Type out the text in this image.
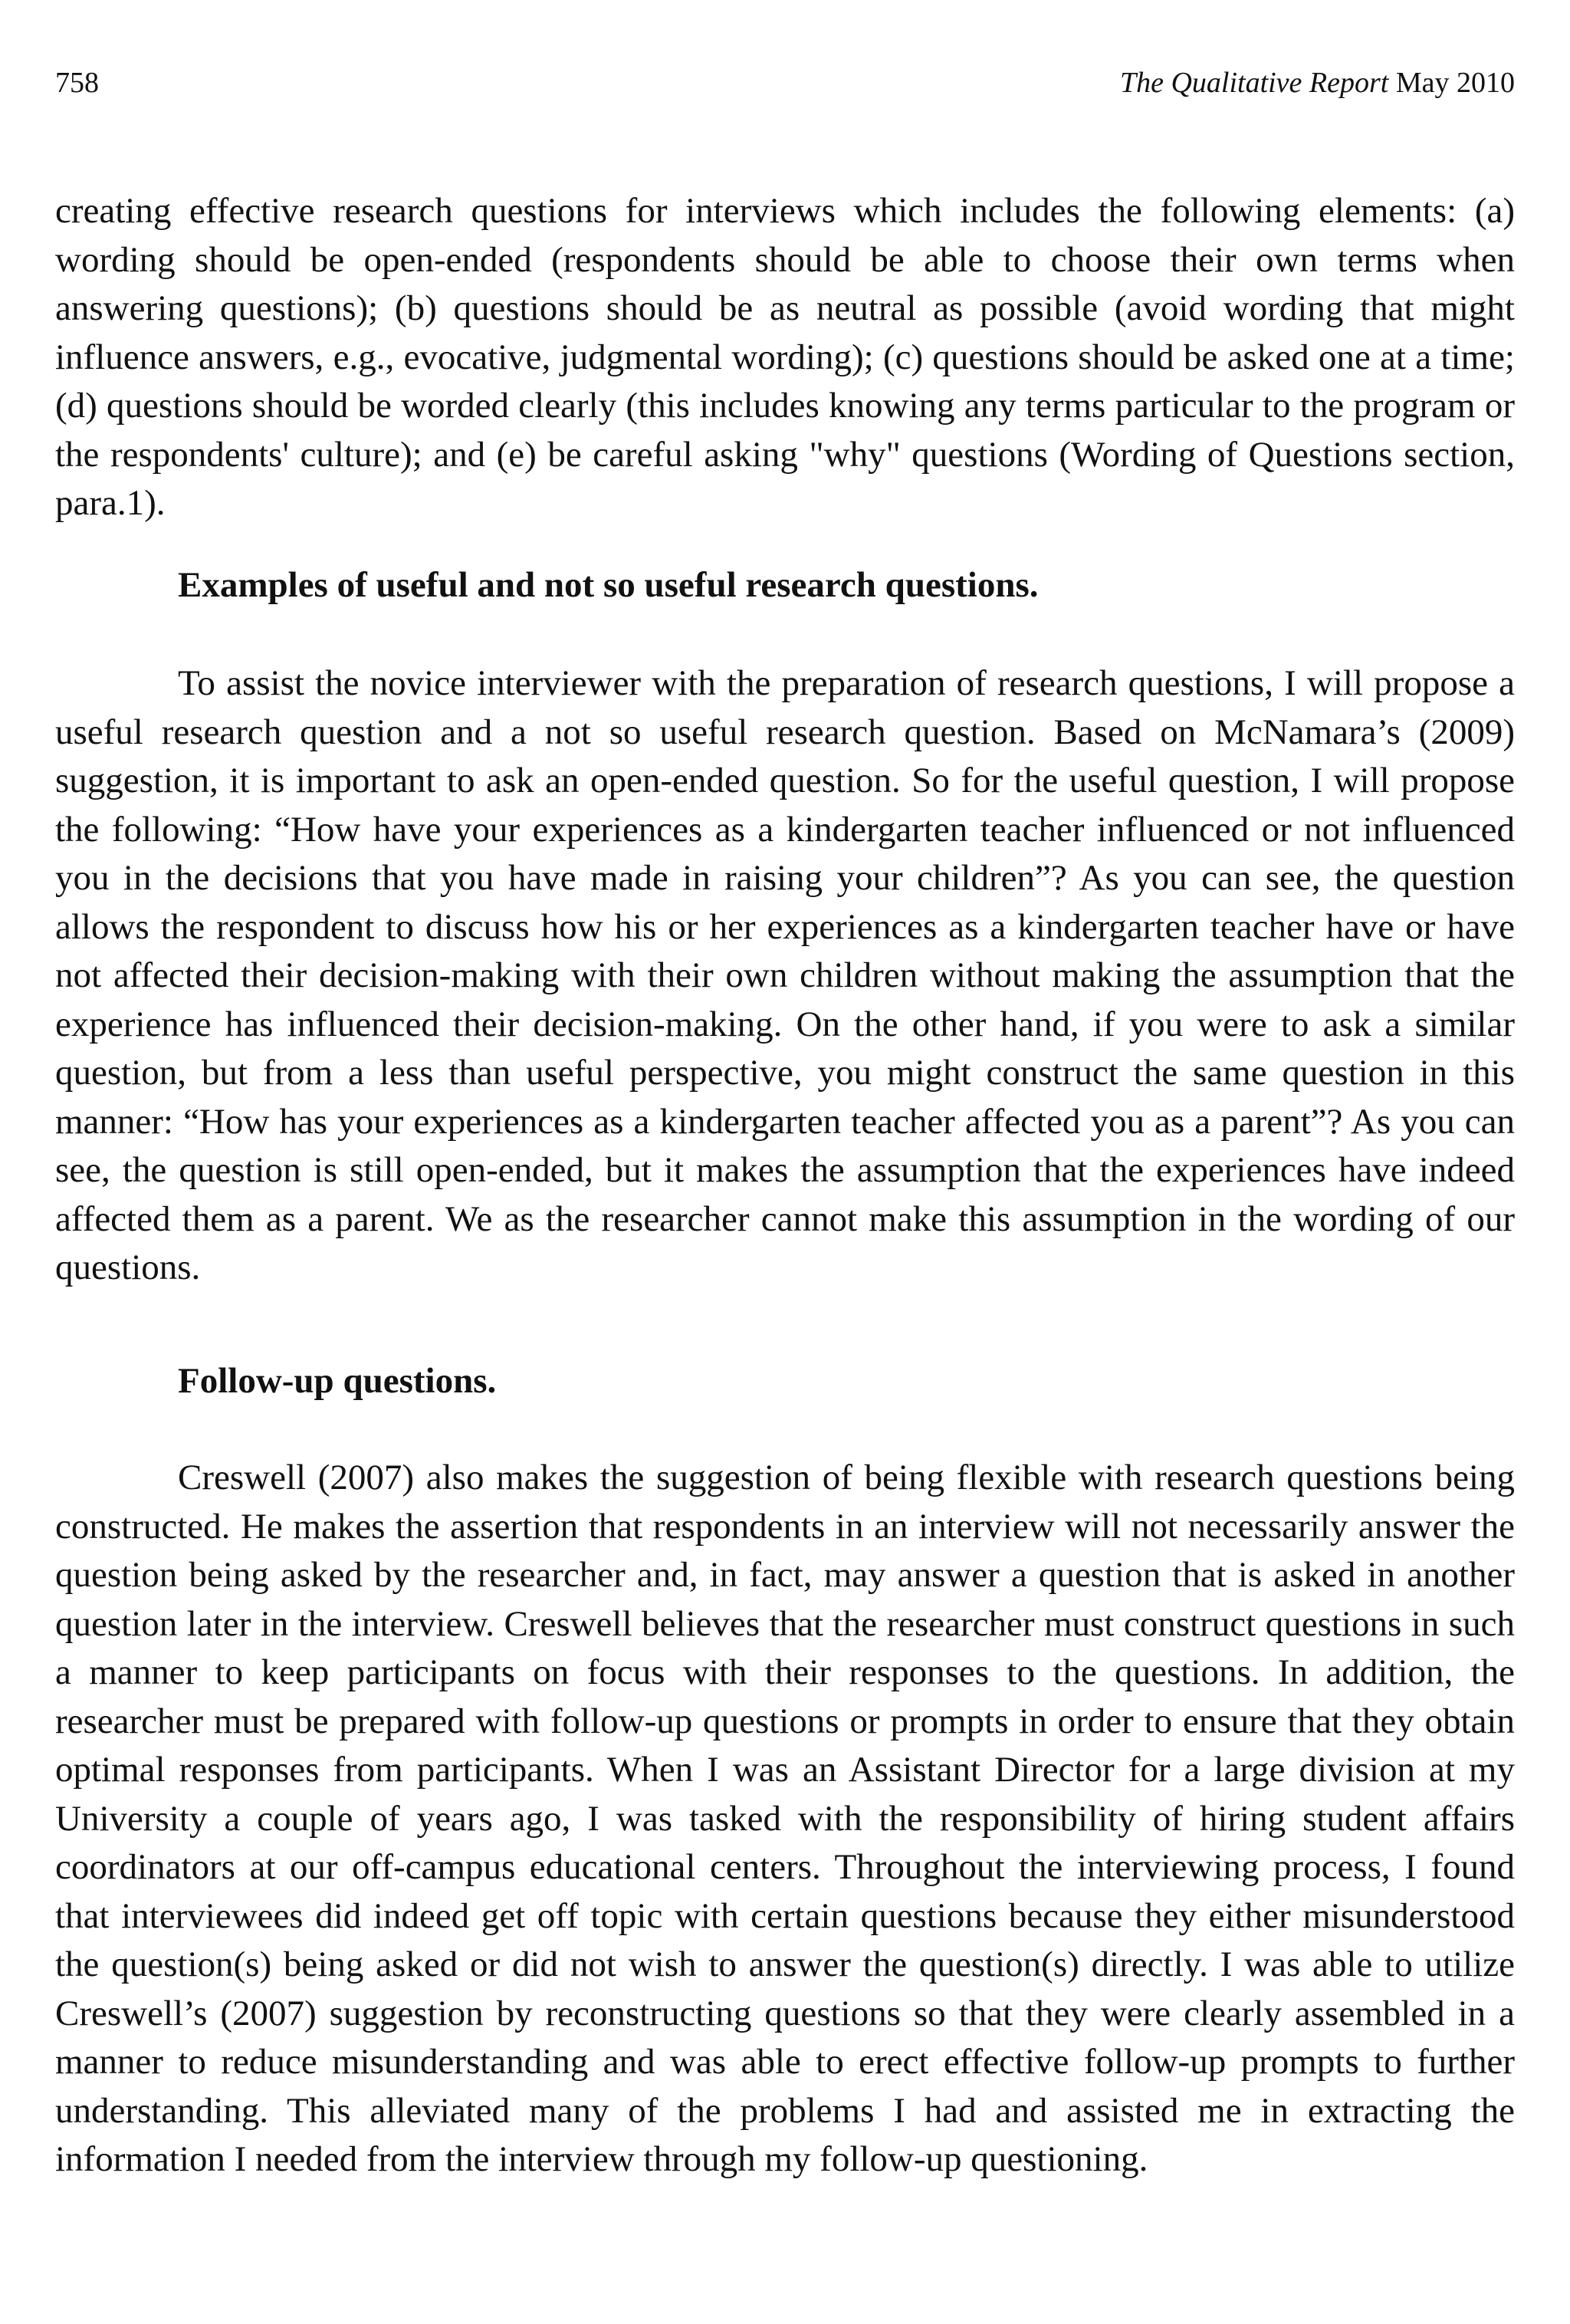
758	The Qualitative Report May 2010

creating effective research questions for interviews which includes the following elements: (a) wording should be open-ended (respondents should be able to choose their own terms when answering questions); (b) questions should be as neutral as possible (avoid wording that might influence answers, e.g., evocative, judgmental wording); (c) questions should be asked one at a time; (d) questions should be worded clearly (this includes knowing any terms particular to the program or the respondents' culture); and (e) be careful asking "why" questions (Wording of Questions section, para.1).

Examples of useful and not so useful research questions.

To assist the novice interviewer with the preparation of research questions, I will propose a useful research question and a not so useful research question. Based on McNamara’s (2009) suggestion, it is important to ask an open-ended question. So for the useful question, I will propose the following: “How have your experiences as a kindergarten teacher influenced or not influenced you in the decisions that you have made in raising your children”? As you can see, the question allows the respondent to discuss how his or her experiences as a kindergarten teacher have or have not affected their decision-making with their own children without making the assumption that the experience has influenced their decision-making. On the other hand, if you were to ask a similar question, but from a less than useful perspective, you might construct the same question in this manner: “How has your experiences as a kindergarten teacher affected you as a parent”? As you can see, the question is still open-ended, but it makes the assumption that the experiences have indeed affected them as a parent. We as the researcher cannot make this assumption in the wording of our questions.

Follow-up questions.

Creswell (2007) also makes the suggestion of being flexible with research questions being constructed. He makes the assertion that respondents in an interview will not necessarily answer the question being asked by the researcher and, in fact, may answer a question that is asked in another question later in the interview. Creswell believes that the researcher must construct questions in such a manner to keep participants on focus with their responses to the questions. In addition, the researcher must be prepared with follow-up questions or prompts in order to ensure that they obtain optimal responses from participants. When I was an Assistant Director for a large division at my University a couple of years ago, I was tasked with the responsibility of hiring student affairs coordinators at our off-campus educational centers. Throughout the interviewing process, I found that interviewees did indeed get off topic with certain questions because they either misunderstood the question(s) being asked or did not wish to answer the question(s) directly. I was able to utilize Creswell’s (2007) suggestion by reconstructing questions so that they were clearly assembled in a manner to reduce misunderstanding and was able to erect effective follow-up prompts to further understanding. This alleviated many of the problems I had and assisted me in extracting the information I needed from the interview through my follow-up questioning.
